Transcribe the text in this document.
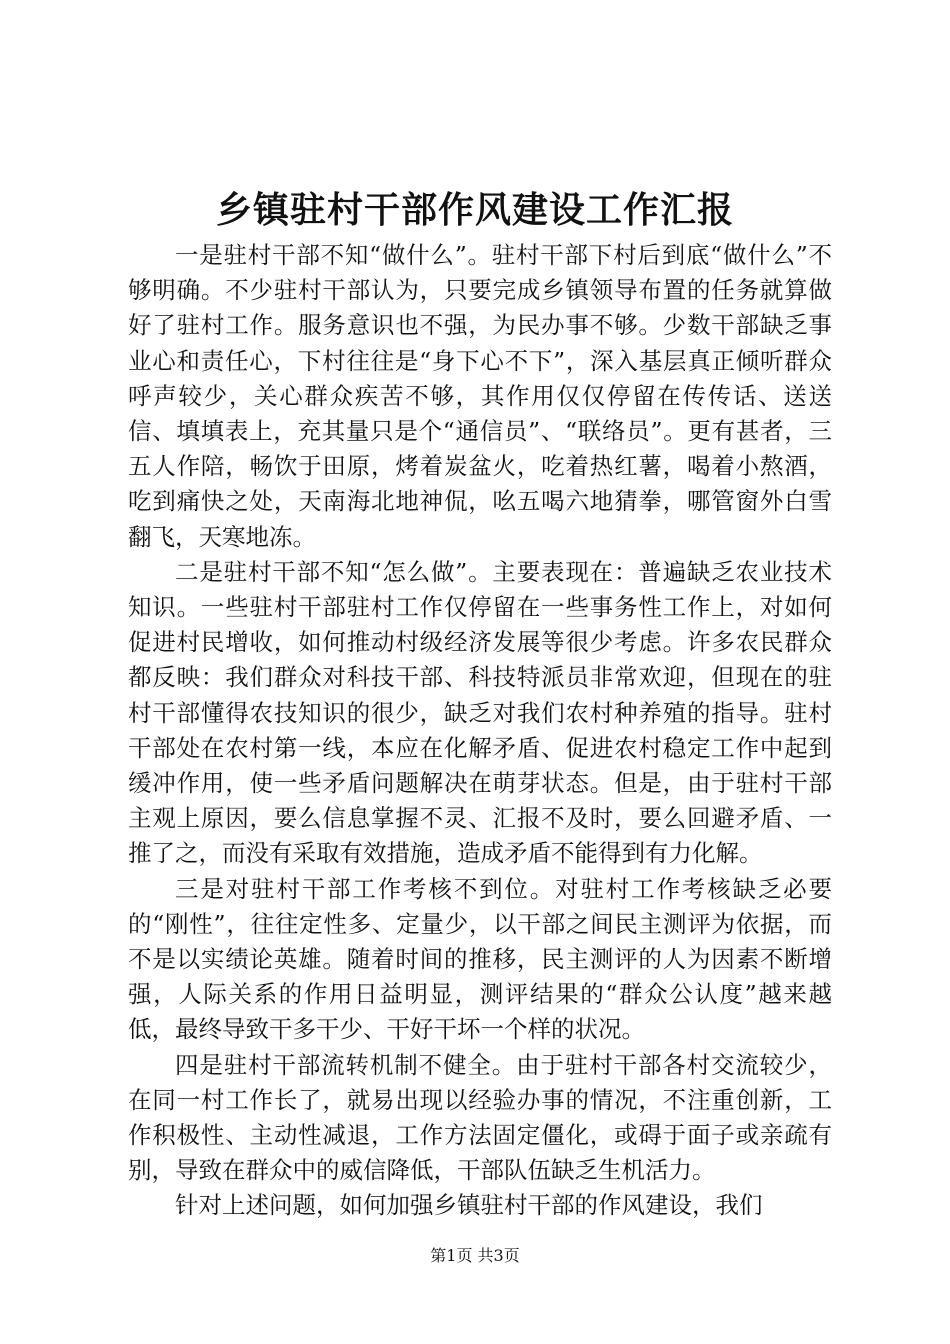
乡镇驻村干部作风建设工作汇报

一是驻村干部不知“做什么”。驻村干部下村后到底“做什么”不够明确。不少驻村干部认为，只要完成乡镇领导布置的任务就算做好了驻村工作。服务意识也不强，为民办事不够。少数干部缺乏事业心和责任心，下村往往是“身下心不下”，深入基层真正倾听群众呼声较少，关心群众疾苦不够，其作用仅仅停留在传传话、送送信、填填表上，充其量只是个“通信员”、“联络员”。更有甚者，三五人作陪，畅饮于田原，烤着炭盆火，吃着热红薯，喝着小熬酒，吃到痛快之处，天南海北地神侃，吆五喝六地猜拳，哪管窗外白雪翻飞，天寒地冻。

二是驻村干部不知“怎么做”。主要表现在：普遍缺乏农业技术知识。一些驻村干部驻村工作仅停留在一些事务性工作上，对如何促进村民增收，如何推动村级经济发展等很少考虑。许多农民群众都反映：我们群众对科技干部、科技特派员非常欢迎，但现在的驻村干部懂得农技知识的很少，缺乏对我们农村种养殖的指导。驻村干部处在农村第一线，本应在化解矛盾、促进农村稳定工作中起到缓冲作用，使一些矛盾问题解决在萌芽状态。但是，由于驻村干部主观上原因，要么信息掌握不灵、汇报不及时，要么回避矛盾、一推了之，而没有采取有效措施，造成矛盾不能得到有力化解。

三是对驻村干部工作考核不到位。对驻村工作考核缺乏必要的“刚性”，往往定性多、定量少，以干部之间民主测评为依据，而不是以实绩论英雄。随着时间的推移，民主测评的人为因素不断增强，人际关系的作用日益明显，测评结果的“群众公认度”越来越低，最终导致干多干少、干好干坏一个样的状况。

四是驻村干部流转机制不健全。由于驻村干部各村交流较少，在同一村工作长了，就易出现以经验办事的情况，不注重创新，工作积极性、主动性减退，工作方法固定僵化，或碍于面子或亲疏有别，导致在群众中的威信降低，干部队伍缺乏生机活力。

针对上述问题，如何加强乡镇驻村干部的作风建设，我们

第1页 共3页
